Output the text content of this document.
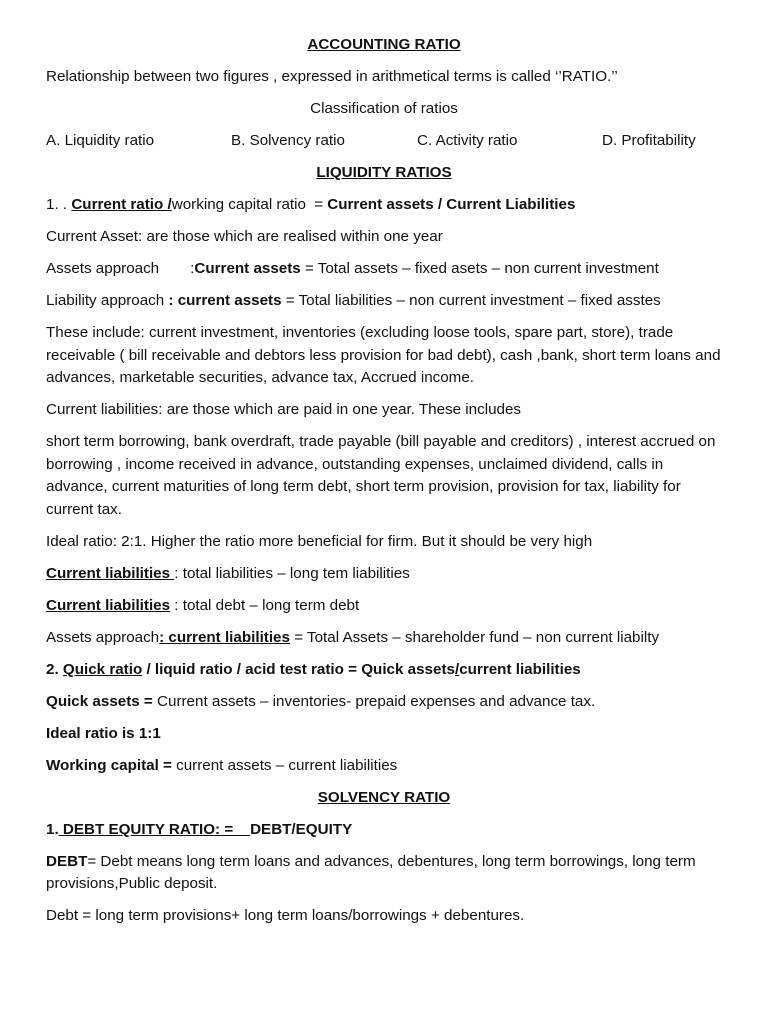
ACCOUNTING RATIO

Relationship between two figures , expressed in arithmetical terms is called ‘’RATIO.’’

Classification of ratios

A. Liquidity ratio	B. Solvency ratio	C. Activity ratio	D. Profitability

LIQUIDITY RATIOS

1. . Current ratio /working capital ratio = Current assets / Current Liabilities

Current Asset: are those which are realised within one year

Assets approach :Current assets = Total assets – fixed asets – non current investment

Liability approach : current assets = Total liabilities – non current investment – fixed asstes

These include: current investment, inventories (excluding loose tools, spare part, store), trade receivable ( bill receivable and debtors less provision for bad debt), cash ,bank, short term loans and advances, marketable securities, advance tax, Accrued income.

Current liabilities: are those which are paid in one year. These includes

short term borrowing, bank overdraft, trade payable (bill payable and creditors) , interest accrued on borrowing , income received in advance, outstanding expenses, unclaimed dividend, calls in advance, current maturities of long term debt, short term provision, provision for tax, liability for current tax.

Ideal ratio: 2:1. Higher the ratio more beneficial for firm. But it should be very high

Current liabilities : total liabilities – long tem liabilities

Current liabilities : total debt – long term debt

Assets approach: current liabilities = Total Assets – shareholder fund – non current liabilty

2. Quick ratio / liquid ratio / acid test ratio = Quick assets/current liabilities

Quick assets = Current assets – inventories- prepaid expenses and advance tax.

Ideal ratio is 1:1

Working capital = current assets – current liabilities

SOLVENCY RATIO

1. DEBT EQUITY RATIO: =    DEBT/EQUITY

DEBT= Debt means long term loans and advances, debentures, long term borrowings, long term provisions,Public deposit.

Debt = long term provisions+ long term loans/borrowings + debentures.
